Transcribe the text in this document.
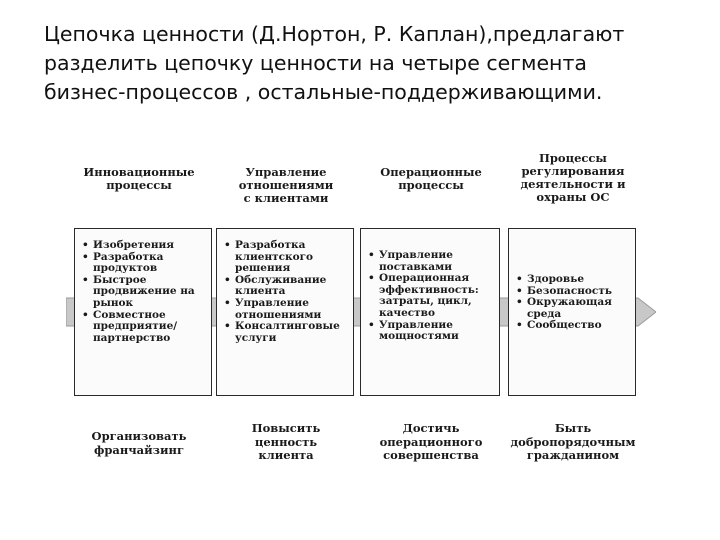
Цепочка ценности (Д.Нортон, Р. Каплан),предлагают
разделить цепочку ценности на четыре сегмента
бизнес-процессов , остальные-поддерживающими.
Инновационные
процессы
• Изобретения
• Разработка продуктов
• Быстрое продвижение на рынок
• Совместное предприятие/ партнерство
Организовать
франчайзинг
Управление
отношениями
с клиентами
• Разработка клиентского решения
• Обслуживание клиента
• Управление отношениями
• Консалтинговые услуги
Повысить
ценность
клиента
Операционные
процессы
• Управление поставками
• Операционная эффективность: затраты, цикл, качество
• Управление мощностями
Достичь
операционного
совершенства
Процессы
регулирования
деятельности и
охраны ОС
• Здоровье
• Безопасность
• Окружающая среда
• Сообщество
Быть
добропорядочным
гражданином
